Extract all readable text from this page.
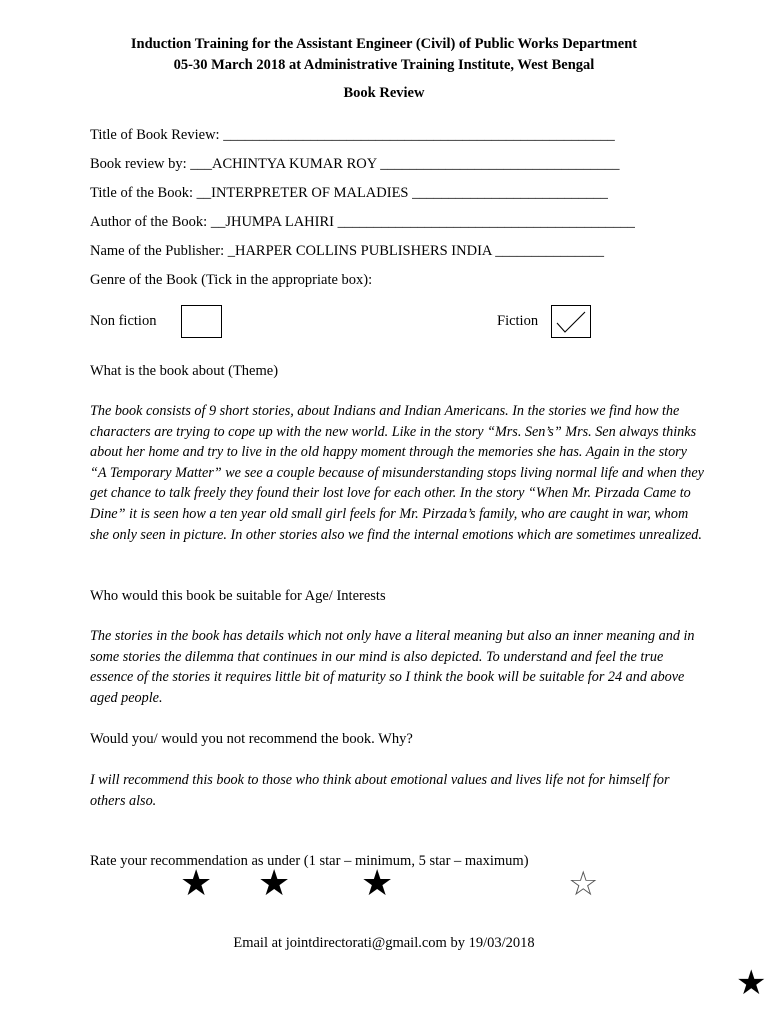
Induction Training for the Assistant Engineer (Civil) of Public Works Department
05-30 March 2018 at Administrative Training Institute, West Bengal
Book Review
Title of Book Review: ______________________________________________________
Book review by: ___ACHINTYA KUMAR ROY _________________________________
Title of the Book: __INTERPRETER OF MALADIES ___________________________
Author of the Book: __JHUMPA LAHIRI _________________________________________
Name of the Publisher: _HARPER COLLINS PUBLISHERS INDIA _______________
Genre of the Book (Tick in the appropriate box):
Non fiction	Fiction
What is the book about (Theme)
The book consists of 9 short stories, about Indians and Indian Americans. In the stories we find how the characters are trying to cope up with the new world. Like in the story “Mrs. Sen’s” Mrs. Sen always thinks about her home and try to live in the old happy moment through the memories she has. Again in the story “A Temporary Matter” we see a couple because of misunderstanding stops living normal life and when they get chance to talk freely they found their lost love for each other. In the story “When Mr. Pirzada Came to Dine” it is seen how a ten year old small girl feels for Mr. Pirzada’s family, who are caught in war, whom she only seen in picture. In other stories also we find the internal emotions which are sometimes unrealized.
Who would this book be suitable for Age/ Interests
The stories in the book has details which not only have a literal meaning but also an inner meaning and in some stories the dilemma that continues in our mind is also depicted. To understand and feel the true essence of the stories it requires little bit of maturity so I think the book will be suitable for 24 and above aged people.
Would you/ would you not recommend the book. Why?
I will recommend this book to those who think about emotional values and lives life not for himself for others also.
Rate your recommendation as under (1 star – minimum, 5 star – maximum)
★ ★ ★	☆
Email at jointdirectorati@gmail.com by 19/03/2018
★
